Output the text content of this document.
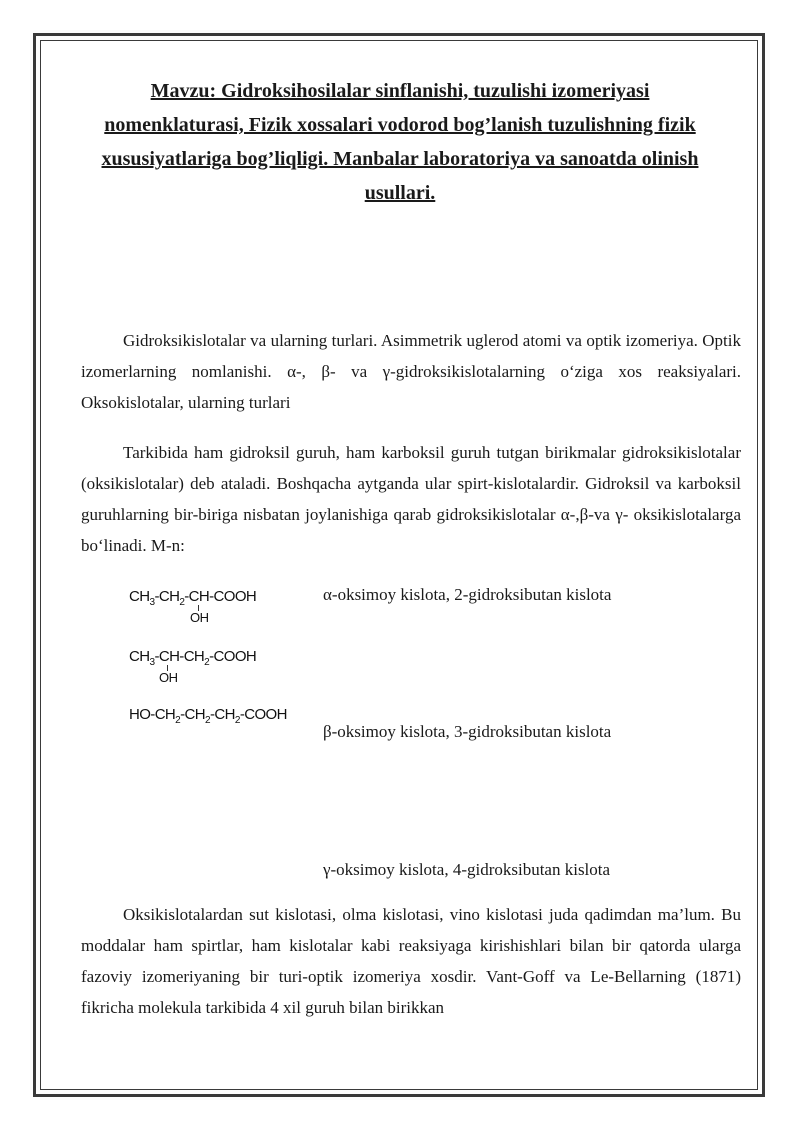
Mavzu: Gidroksihosilalar sinflanishi, tuzulishi izomeriyasi nomenklaturasi, Fizik xossalari vodorod bog’lanish tuzulishning fizik xususiyatlariga bog’liqligi. Manbalar laboratoriya va sanoatda olinish usullari.
Gidroksikislotalar va ularning turlari. Asimmetrik uglerod atomi va optik izomeriya. Optik izomerlarning nomlanishi. α-, β- va γ-gidroksikislotalarning o‘ziga xos reaksiyalari. Oksokislotalar, ularning turlari
Tarkibida ham gidroksil guruh, ham karboksil guruh tutgan birikmalar gidroksikislotalar (oksikislotalar) deb ataladi. Boshqacha aytganda ular spirt-kislotalardir. Gidroksil va karboksil guruhlarning bir-biriga nisbatan joylanishiga qarab gidroksikislotalar α-,β-va γ- oksikislotalarga bo‘linadi. M-n:
$CH_3-CH_2-CH$-COOH
OH
$CH_3-CH-CH_2$-COOH
OH
$HO-CH_2-CH_2-CH_2$-COOH
α-oksimoy kislota, 2-gidroksibutan kislota
β-oksimoy kislota, 3-gidroksibutan kislota
γ-oksimoy kislota, 4-gidroksibutan kislota
Oksikislotalardan sut kislotasi, olma kislotasi, vino kislotasi juda qadimdan ma’lum. Bu moddalar ham spirtlar, ham kislotalar kabi reaksiyaga kirishishlari bilan bir qatorda ularga fazoviy izomeriyaning bir turi-optik izomeriya xosdir. Vant-Goff va Le-Bellarning (1871) fikricha molekula tarkibida 4 xil guruh bilan birikkan
